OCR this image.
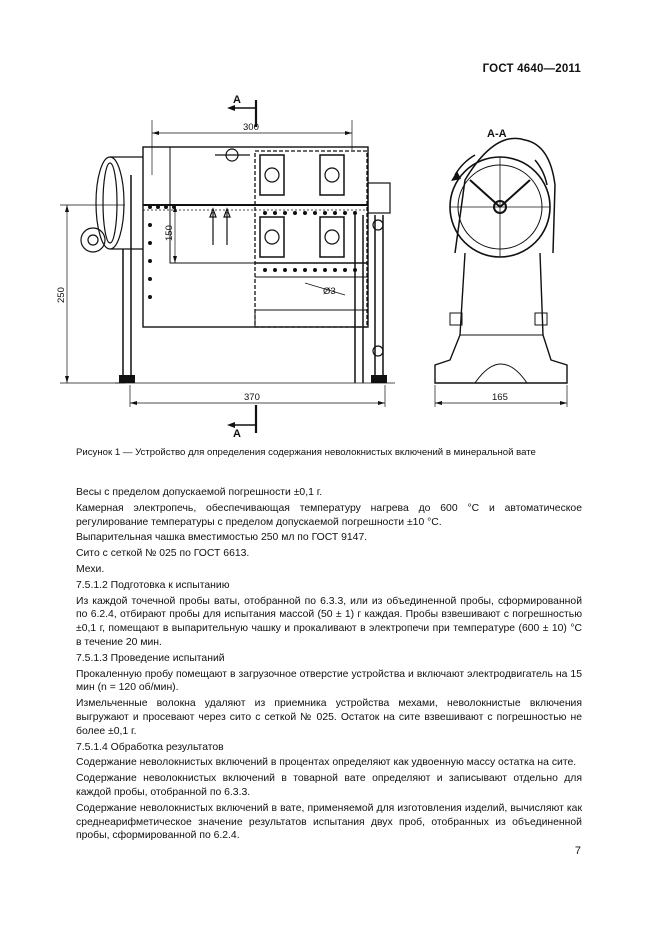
ГОСТ 4640—2011
А
А
А-А
300
370	165
Ø3
150
250
Рисунок 1 — Устройство для определения содержания неволокнистых включений в минеральной вате

Весы с пределом допускаемой погрешности ±0,1 г.

Камерная электропечь, обеспечивающая температуру нагрева до 600 °С и автоматическое регулирование температуры с пределом допускаемой погрешности ±10 °С.

Выпарительная чашка вместимостью 250 мл по ГОСТ 9147.

Сито с сеткой № 025 по ГОСТ 6613.

Мехи.

7.5.1.2 Подготовка к испытанию

Из каждой точечной пробы ваты, отобранной по 6.3.3, или из объединенной пробы, сформированной по 6.2.4, отбирают пробы для испытания массой (50 ± 1) г каждая. Пробы взвешивают с погрешностью ±0,1 г, помещают в выпарительную чашку и прокаливают в электропечи при температуре (600 ± 10) °С в течение 20 мин.

7.5.1.3 Проведение испытаний

Прокаленную пробу помещают в загрузочное отверстие устройства и включают электродвигатель на 15 мин (n = 120 об/мин).

Измельченные волокна удаляют из приемника устройства мехами, неволокнистые включения выгружают и просевают через сито с сеткой № 025. Остаток на сите взвешивают с погрешностью не более ±0,1 г.

7.5.1.4 Обработка результатов

Содержание неволокнистых включений в процентах определяют как удвоенную массу остатка на сите.

Содержание неволокнистых включений в товарной вате определяют и записывают отдельно для каждой пробы, отобранной по 6.3.3.

Содержание неволокнистых включений в вате, применяемой для изготовления изделий, вычисляют как среднеарифметическое значение результатов испытания двух проб, отобранных из объединенной пробы, сформированной по 6.2.4.

7
